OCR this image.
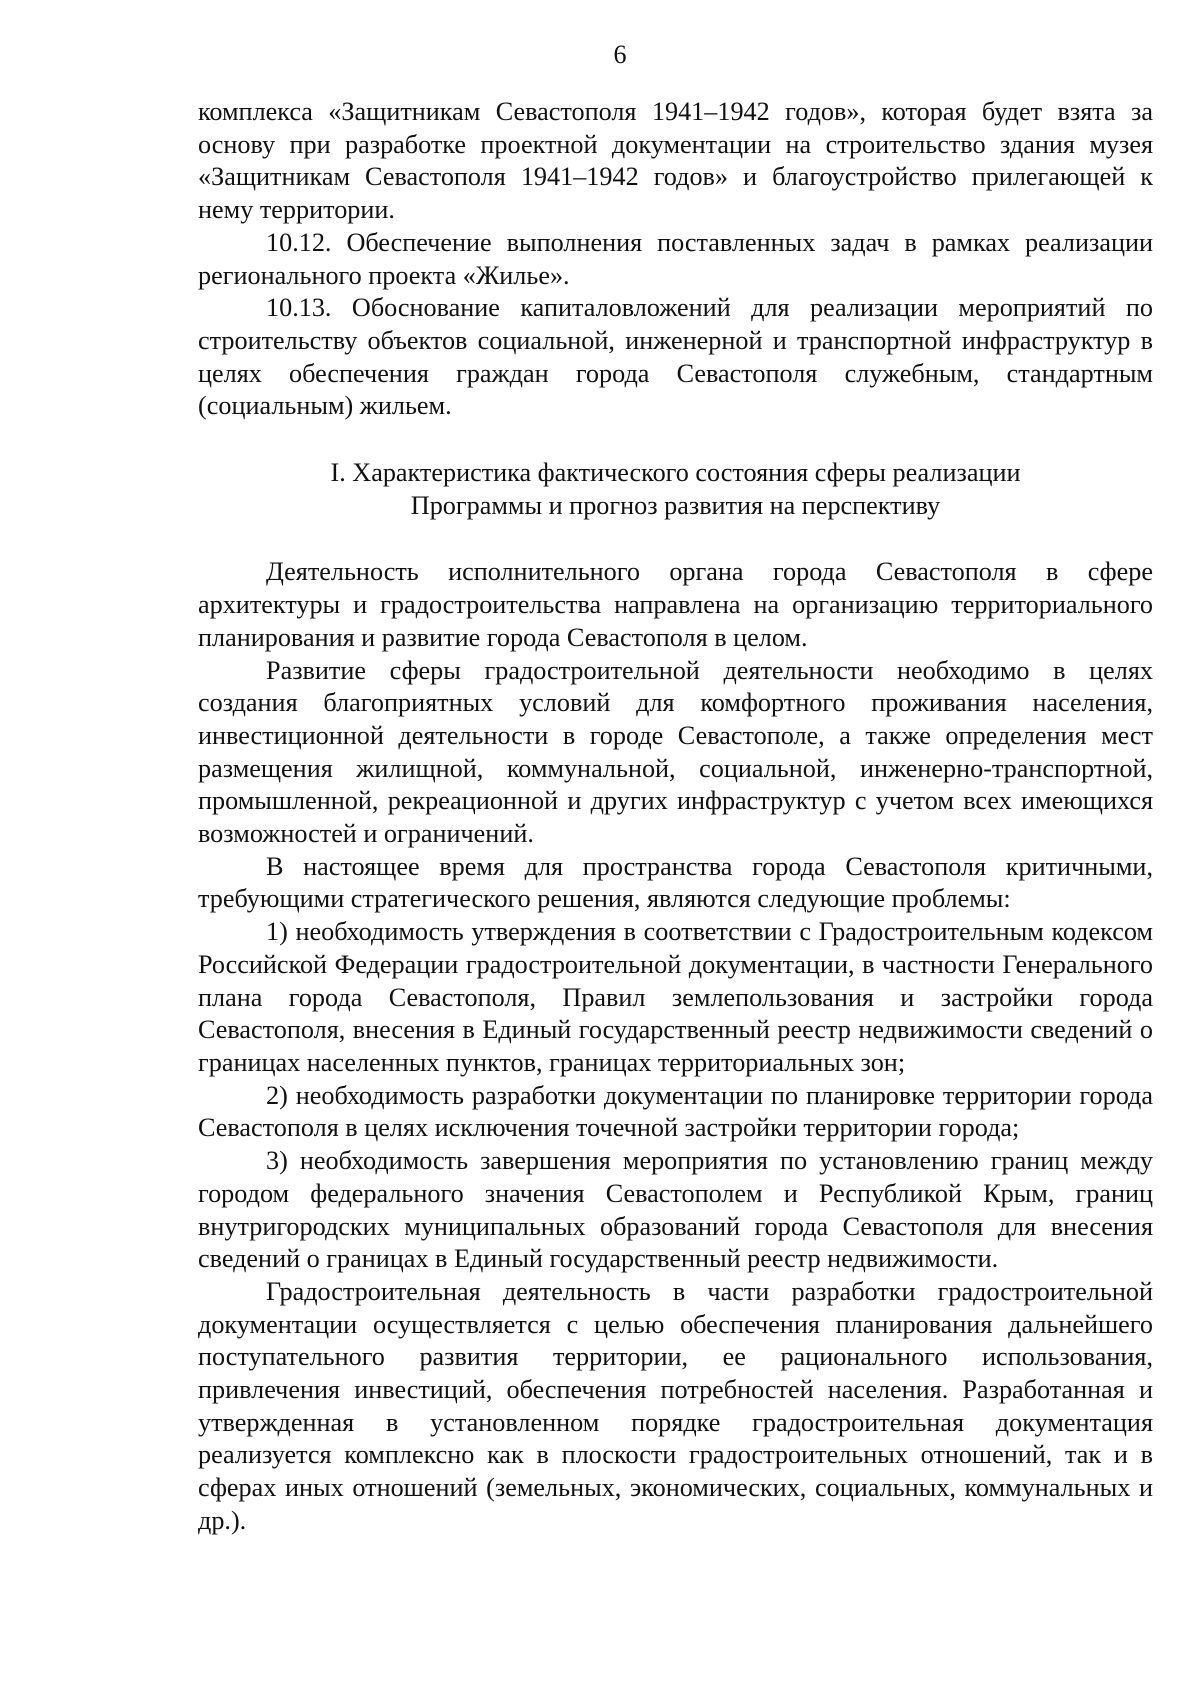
6

комплекса «Защитникам Севастополя 1941–1942 годов», которая будет взята за основу при разработке проектной документации на строительство здания музея «Защитникам Севастополя 1941–1942 годов» и благоустройство прилегающей к нему территории.

10.12. Обеспечение выполнения поставленных задач в рамках реализации регионального проекта «Жилье».

10.13. Обоснование капиталовложений для реализации мероприятий по строительству объектов социальной, инженерной и транспортной инфраструктур в целях обеспечения граждан города Севастополя служебным, стандартным (социальным) жильем.

I. Характеристика фактического состояния сферы реализации
Программы и прогноз развития на перспективу

Деятельность исполнительного органа города Севастополя в сфере архитектуры и градостроительства направлена на организацию территориального планирования и развитие города Севастополя в целом.

Развитие сферы градостроительной деятельности необходимо в целях создания благоприятных условий для комфортного проживания населения, инвестиционной деятельности в городе Севастополе, а также определения мест размещения жилищной, коммунальной, социальной, инженерно-транспортной, промышленной, рекреационной и других инфраструктур с учетом всех имеющихся возможностей и ограничений.

В настоящее время для пространства города Севастополя критичными, требующими стратегического решения, являются следующие проблемы:

1) необходимость утверждения в соответствии с Градостроительным кодексом Российской Федерации градостроительной документации, в частности Генерального плана города Севастополя, Правил землепользования и застройки города Севастополя, внесения в Единый государственный реестр недвижимости сведений о границах населенных пунктов, границах территориальных зон;

2) необходимость разработки документации по планировке территории города Севастополя в целях исключения точечной застройки территории города;

3) необходимость завершения мероприятия по установлению границ между городом федерального значения Севастополем и Республикой Крым, границ внутригородских муниципальных образований города Севастополя для внесения сведений о границах в Единый государственный реестр недвижимости.

Градостроительная деятельность в части разработки градостроительной документации осуществляется с целью обеспечения планирования дальнейшего поступательного развития территории, ее рационального использования, привлечения инвестиций, обеспечения потребностей населения. Разработанная и утвержденная в установленном порядке градостроительная документация реализуется комплексно как в плоскости градостроительных отношений, так и в сферах иных отношений (земельных, экономических, социальных, коммунальных и др.).
